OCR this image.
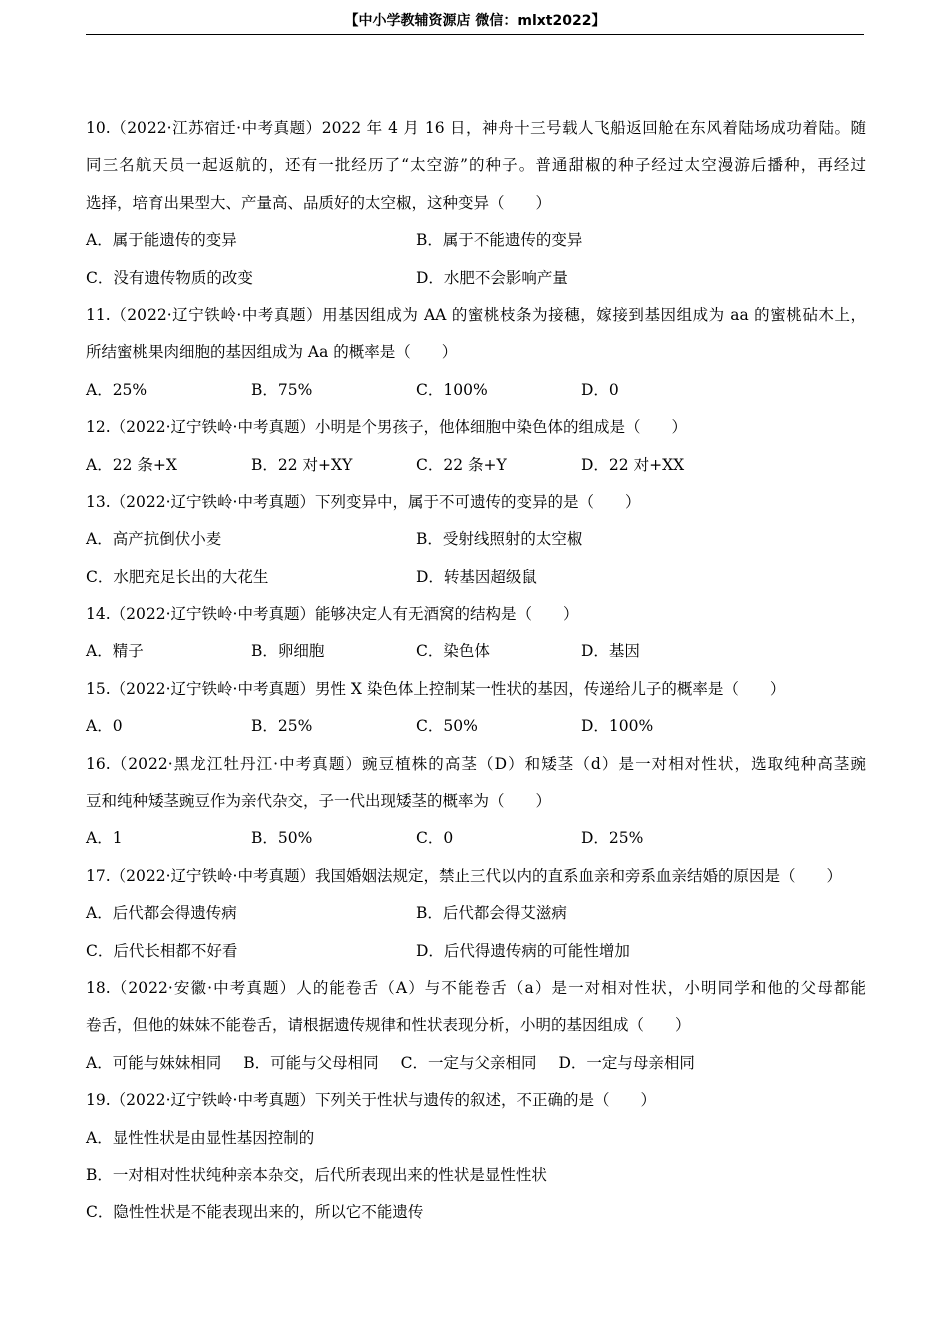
【中小学教辅资源店 微信：mlxt2022】
10.（2022·江苏宿迁·中考真题）2022 年 4 月 16 日，神舟十三号载人飞船返回舱在东风着陆场成功着陆。随
同三名航天员一起返航的，还有一批经历了“太空游”的种子。普通甜椒的种子经过太空漫游后播种，再经过
选择，培育出果型大、产量高、品质好的太空椒，这种变异（　　）
A．属于能遗传的变异	B．属于不能遗传的变异
C．没有遗传物质的改变	D．水肥不会影响产量
11.（2022·辽宁铁岭·中考真题）用基因组成为 AA 的蜜桃枝条为接穗，嫁接到基因组成为 aa 的蜜桃砧木上，
所结蜜桃果肉细胞的基因组成为 Aa 的概率是（　　）
A．25%	B．75%	C．100%	D．0
12.（2022·辽宁铁岭·中考真题）小明是个男孩子，他体细胞中染色体的组成是（　　）
A．22 条+X	B．22 对+XY	C．22 条+Y	D．22 对+XX
13.（2022·辽宁铁岭·中考真题）下列变异中，属于不可遗传的变异的是（　　）
A．高产抗倒伏小麦	B．受射线照射的太空椒
C．水肥充足长出的大花生	D．转基因超级鼠
14.（2022·辽宁铁岭·中考真题）能够决定人有无酒窝的结构是（　　）
A．精子	B．卵细胞	C．染色体	D．基因
15.（2022·辽宁铁岭·中考真题）男性 X 染色体上控制某一性状的基因，传递给儿子的概率是（　　）
A．0	B．25%	C．50%	D．100%
16.（2022·黑龙江牡丹江·中考真题）豌豆植株的高茎（D）和矮茎（d）是一对相对性状，选取纯种高茎豌
豆和纯种矮茎豌豆作为亲代杂交，子一代出现矮茎的概率为（　　）
A．1	B．50%	C．0	D．25%
17.（2022·辽宁铁岭·中考真题）我国婚姻法规定，禁止三代以内的直系血亲和旁系血亲结婚的原因是（　　）
A．后代都会得遗传病	B．后代都会得艾滋病
C．后代长相都不好看	D．后代得遗传病的可能性增加
18.（2022·安徽·中考真题）人的能卷舌（A）与不能卷舌（a）是一对相对性状，小明同学和他的父母都能
卷舌，但他的妹妹不能卷舌，请根据遗传规律和性状表现分析，小明的基因组成（　　）
A．可能与妹妹相同 B．可能与父母相同 C．一定与父亲相同 D．一定与母亲相同
19.（2022·辽宁铁岭·中考真题）下列关于性状与遗传的叙述，不正确的是（　　）
A．显性性状是由显性基因控制的
B．一对相对性状纯种亲本杂交，后代所表现出来的性状是显性性状
C．隐性性状是不能表现出来的，所以它不能遗传
